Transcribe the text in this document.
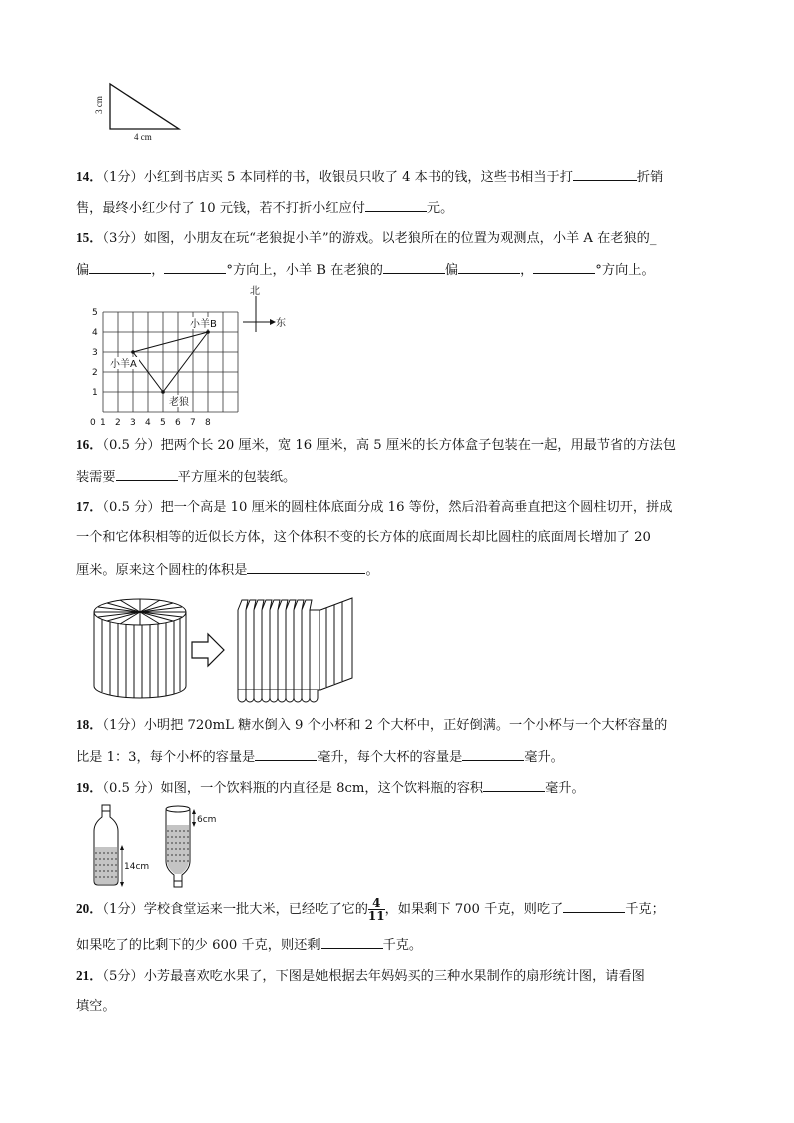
3 cm
4 cm
14．（1分）小红到书店买 5 本同样的书，收银员只收了 4 本书的钱，这些书相当于打	折销
售，最终小红少付了 10 元钱，若不打折小红应付	元。
15．（3分）如图，小朋友在玩“老狼捉小羊”的游戏。以老狼所在的位置为观测点，小羊 A 在老狼的_
偏	，	°方向上，小羊 B 在老狼的	偏	，	°方向上。
5
4
3
2
1
0 1 2 3 4 5 6 7 8
小羊A
小羊B
老狼
北
东
16．（0.5 分）把两个长 20 厘米，宽 16 厘米，高 5 厘米的长方体盒子包装在一起，用最节省的方法包
装需要	平方厘米的包装纸。
17．（0.5 分）把一个高是 10 厘米的圆柱体底面分成 16 等份，然后沿着高垂直把这个圆柱切开，拼成
一个和它体积相等的近似长方体，这个体积不变的长方体的底面周长却比圆柱的底面周长增加了 20
厘米。原来这个圆柱的体积是	。
18．（1分）小明把 720mL 糖水倒入 9 个小杯和 2 个大杯中，正好倒满。一个小杯与一个大杯容量的
比是 1：3，每个小杯的容量是	毫升，每个大杯的容量是	毫升。
19．（0.5 分）如图，一个饮料瓶的内直径是 8cm，这个饮料瓶的容积	毫升。
14cm
6cm
20．（1分）学校食堂运来一批大米，已经吃了它的 $\frac{4}{11}$ ，如果剩下 700 千克，则吃了	千克；
如果吃了的比剩下的少 600 千克，则还剩	千克。
21．（5分）小芳最喜欢吃水果了，下图是她根据去年妈妈买的三种水果制作的扇形统计图，请看图
填空。
